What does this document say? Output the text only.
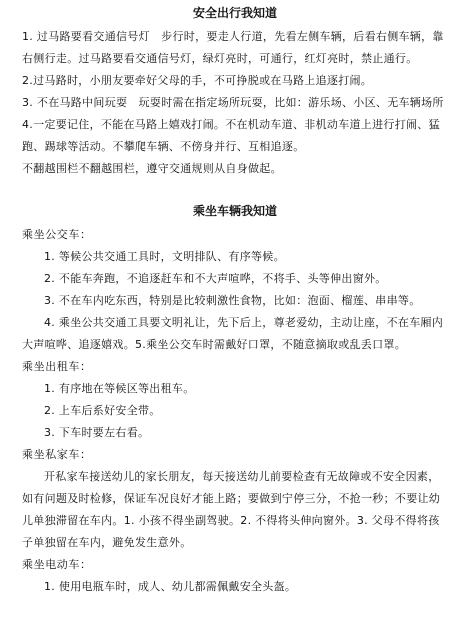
安全出行我知道

1. 过马路要看交通信号灯　步行时，要走人行道，先看左侧车辆，后看右侧车辆，靠右侧行走。过马路要看交通信号灯，绿灯亮时，可通行，红灯亮时，禁止通行。

2.过马路时，小朋友要牵好父母的手，不可挣脱或在马路上追逐打闹。

3. 不在马路中间玩耍　玩耍时需在指定场所玩耍，比如：游乐场、小区、无车辆场所

4.一定要记住，不能在马路上嬉戏打闹。不在机动车道、非机动车道上进行打闹、猛跑、踢球等活动。不攀爬车辆、不傍身并行、互相追逐。

不翻越围栏不翻越围栏，遵守交通规则从自身做起。

乘坐车辆我知道

乘坐公交车：

1. 等候公共交通工具时，文明排队、有序等候。

2. 不能车奔跑，不追逐赶车和不大声喧哗，不将手、头等伸出窗外。

3. 不在车内吃东西，特别是比较刺激性食物，比如：泡面、榴莲、串串等。

4. 乘坐公共交通工具要文明礼让，先下后上，尊老爱幼，主动让座，不在车厢内大声喧哗、追逐嬉戏。5.乘坐公交车时需戴好口罩，不随意摘取或乱丢口罩。

乘坐出租车：

1. 有序地在等候区等出租车。

2. 上车后系好安全带。

3. 下车时要左右看。

乘坐私家车：

开私家车接送幼儿的家长朋友，每天接送幼儿前要检查有无故障或不安全因素，如有问题及时检修，保证车况良好才能上路；要做到宁停三分，不抢一秒；不要让幼儿单独滞留在车内。1. 小孩不得坐副驾驶。2. 不得将头伸向窗外。3. 父母不得将孩子单独留在车内，避免发生意外。

乘坐电动车：

1. 使用电瓶车时，成人、幼儿都需佩戴安全头盔。
